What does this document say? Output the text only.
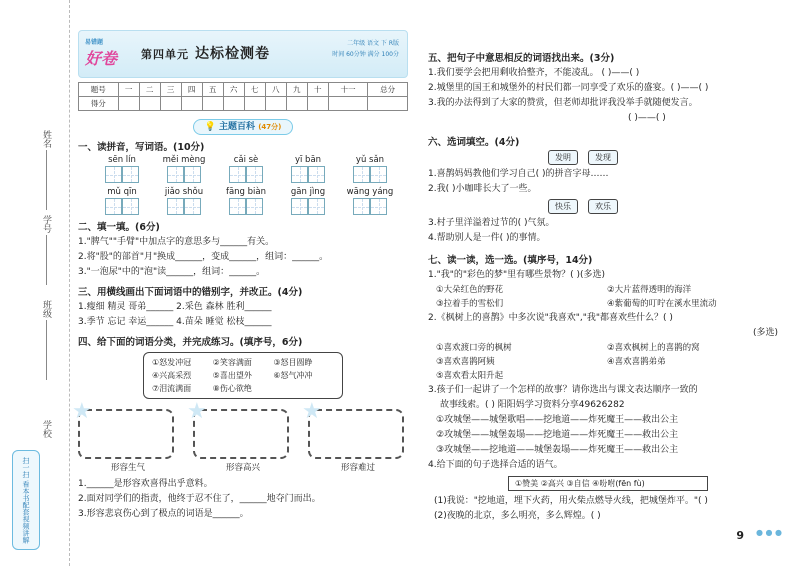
姓名
学号
班级
学校
扫一扫 看本书配套视频讲解
易错题
好卷	第四单元 达标检测卷
二年级 语文 下 R版
时间 60分钟 满分 100分
题号	一	二	三	四	五	六	七	八	九	十	十一	总分
得分												
💡 主题百科 (47分)
一、读拼音，写词语。(10分)
sēn lín	měi mèng	cǎi sè	yī bān	yǔ sǎn
mǔ qīn	jiǎo shǒu	fāng biàn	gān jìng	wāng yáng
二、填一填。(6分)
1."脾气""手臂"中加点字的意思多与______有关。
2.将"股"的部首"月"换成______，变成______，组词：______。
3."一泡尿"中的"泡"读______，组词：______。
三、用横线画出下面词语中的错别字，并改正。(4分)
1.瘦细 精灵 哥弟______ 2.采色 森林 胜利______
3.季节 忘记 幸运______ 4.苗朵 睡觉 松枝______
四、给下面的词语分类，并完成练习。(填序号，6分)
①怒发冲冠	②笑容满面	③怒目圆睁
④兴高采烈	⑤喜出望外	⑥怒气冲冲
⑦泪流满面	⑧伤心欲绝
★
形容生气
★
形容高兴
★
形容难过
1.______是形容欢喜得出乎意料。
2.面对同学们的指责，他终于忍不住了，______地夺门而出。
3.形容悲哀伤心到了极点的词语是______。
五、把句子中意思相反的词语找出来。(3分)
1.我们要学会把用剩收拾整齐，不能凌乱。 ( )——( )
2.城堡里的国王和城堡外的村民们都一同享受了欢乐的盛宴。( )——( )
3.我的办法得到了大家的赞赏，但老师却批评我没举手就随便发言。
( )——( )
六、选词填空。(4分)
发明	发现
1.喜鹊妈妈教他们学习自己( )的拼音字母……
2.我( )小咖啡长大了一些。
快乐	欢乐
3.村子里洋溢着过节的( )气氛。
4.帮助别人是一件( )的事情。
七、读一读，选一选。(填序号，14分)
1."我"的"彩色的梦"里有哪些景物？( )(多选)
①大朵红色的野花	②大片蓝得透明的海洋
③拉着手的雪松们	④紫葡萄的叮咛在溪水里流动
2.《枫树上的喜鹊》中多次说"我喜欢","我"都喜欢些什么？( )
(多选)
①喜欢渡口旁的枫树	②喜欢枫树上的喜鹊的窝
③喜欢喜鹊阿姨	④喜欢喜鹊弟弟
⑤喜欢看太阳升起
3.孩子们一起讲了一个怎样的故事？请你选出与课文表达顺序一致的
故事线索。( ) 阳阳妈学习资料分享49626282
①攻城堡——城堡歌唱——挖地道——炸死魔王——救出公主
②攻城堡——城堡轰塌——挖地道——炸死魔王——救出公主
③攻城堡——挖地道——城堡轰塌——炸死魔王——救出公主
4.给下面的句子选择合适的语气。
①赞美 ②高兴 ③自信 ④吩咐(fēn fù)
(1)我说："挖地道，埋下火药，用火柴点燃导火线，把城堡炸平。"( )
(2)夜晚的北京，多么明亮，多么辉煌。( )
9 ● ● ●
